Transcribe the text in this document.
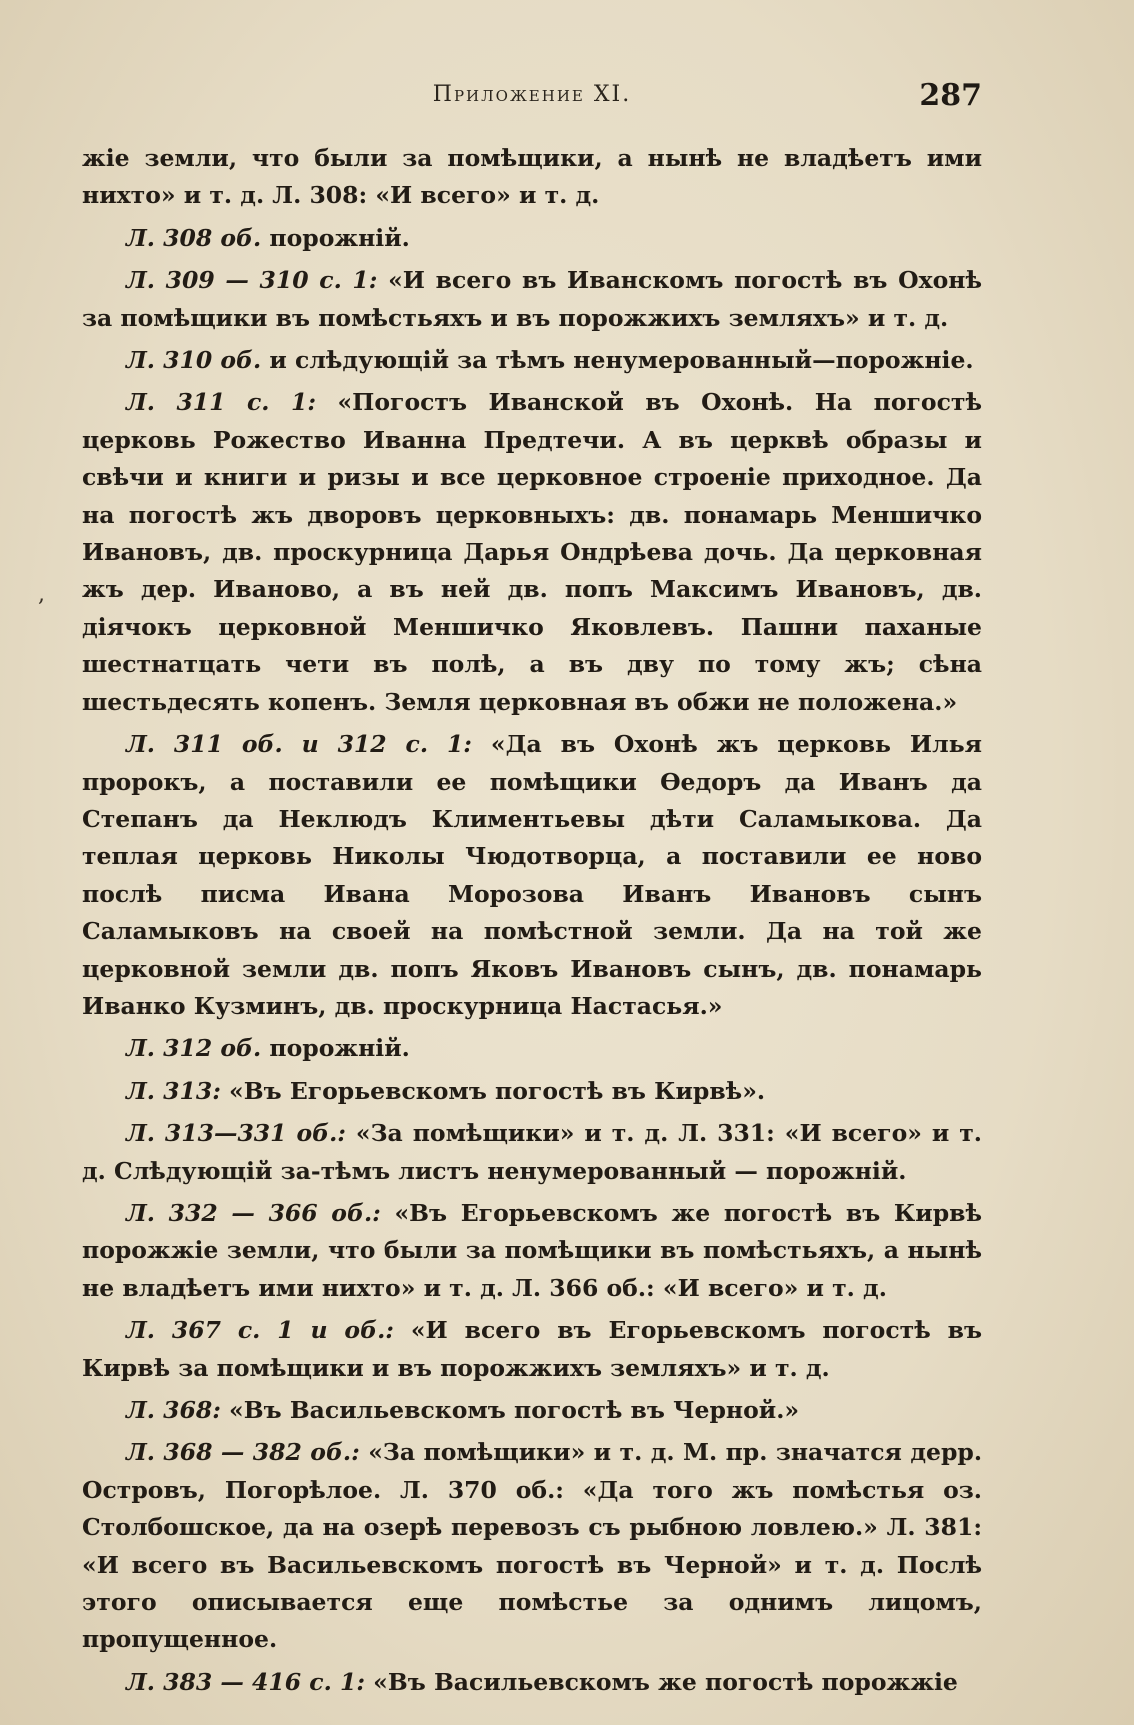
Приложение XI.	287
,

жіе земли, что были за помѣщики, а нынѣ не владѣетъ ими нихто» и т. д. Л. 308: «И всего» и т. д.

Л. 308 об. порожній.

Л. 309 — 310 с. 1: «И всего въ Иванскомъ погостѣ въ Охонѣ за помѣщики въ помѣстьяхъ и въ порожжихъ земляхъ» и т. д.

Л. 310 об. и слѣдующій за тѣмъ ненумерованный—порожніе.

Л. 311 с. 1: «Погостъ Иванской въ Охонѣ. На погостѣ церковь Рожество Иванна Предтечи. А въ церквѣ образы и свѣчи и книги и ризы и все церковное строеніе приходное. Да на погостѣ жъ дворовъ церковныхъ: дв. понамарь Меншичко Ивановъ, дв. проскурница Дарья Ондрѣева дочь. Да церковная жъ дер. Иваново, а въ ней дв. попъ Максимъ Ивановъ, дв. діячокъ церковной Меншичко Яковлевъ. Пашни паханые шестнатцать чети въ полѣ, а въ дву по тому жъ; сѣна шестьдесять копенъ. Земля церковная въ обжи не положена.»

Л. 311 об. и 312 с. 1: «Да въ Охонѣ жъ церковь Илья пророкъ, а поставили ее помѣщики Ѳедоръ да Иванъ да Степанъ да Неклюдъ Климентьевы дѣти Саламыкова. Да теплая церковь Николы Чюдотворца, а поставили ее ново послѣ писма Ивана Морозова Иванъ Ивановъ сынъ Саламыковъ на своей на помѣстной земли. Да на той же церковной земли дв. попъ Яковъ Ивановъ сынъ, дв. понамарь Иванко Кузминъ, дв. проскурница Настасья.»

Л. 312 об. порожній.

Л. 313: «Въ Егорьевскомъ погостѣ въ Кирвѣ».

Л. 313—331 об.: «За помѣщики» и т. д. Л. 331: «И всего» и т. д. Слѣдующій за-тѣмъ листъ ненумерованный — порожній.

Л. 332 — 366 об.: «Въ Егорьевскомъ же погостѣ въ Кирвѣ порожжіе земли, что были за помѣщики въ помѣстьяхъ, а нынѣ не владѣетъ ими нихто» и т. д. Л. 366 об.: «И всего» и т. д.

Л. 367 с. 1 и об.: «И всего въ Егорьевскомъ погостѣ въ Кирвѣ за помѣщики и въ порожжихъ земляхъ» и т. д.

Л. 368: «Въ Васильевскомъ погостѣ въ Черной.»

Л. 368 — 382 об.: «За помѣщики» и т. д. М. пр. значатся дерр. Островъ, Погорѣлое. Л. 370 об.: «Да того жъ помѣстья оз. Столбошское, да на озерѣ перевозъ съ рыбною ловлею.» Л. 381: «И всего въ Васильевскомъ погостѣ въ Черной» и т. д. Послѣ этого описывается еще помѣстье за однимъ лицомъ, пропущенное.

Л. 383 — 416 с. 1: «Въ Васильевскомъ же погостѣ порожжіе
